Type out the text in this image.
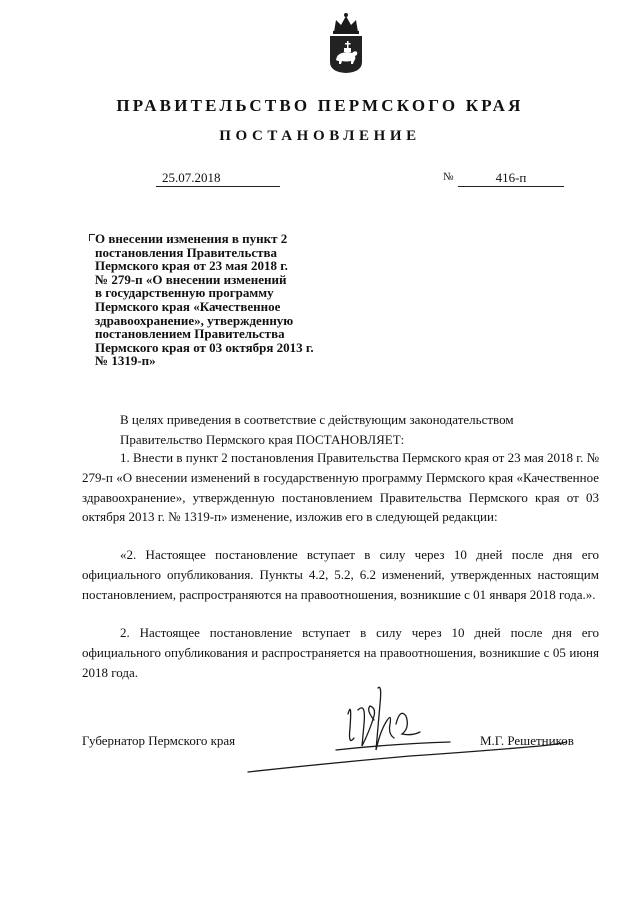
ПРАВИТЕЛЬСТВО ПЕРМСКОГО КРАЯ
ПОСТАНОВЛЕНИЕ
25.07.2018	№	416-п
О внесении изменения в пункт 2
постановления Правительства
Пермского края от 23 мая 2018 г.
№ 279-п «О внесении изменений
в государственную программу
Пермского края «Качественное
здравоохранение», утвержденную
постановлением Правительства
Пермского края от 03 октября 2013 г.
№ 1319-п»
В целях приведения в соответствие с действующим законодательством
Правительство Пермского края ПОСТАНОВЛЯЕТ:
1. Внести в пункт 2 постановления Правительства Пермского края от 23 мая 2018 г. № 279-п «О внесении изменений в государственную программу Пермского края «Качественное здравоохранение», утвержденную постановлением Правительства Пермского края от 03 октября 2013 г. № 1319-п» изменение, изложив его в следующей редакции:
«2. Настоящее постановление вступает в силу через 10 дней после дня его официального опубликования. Пункты 4.2, 5.2, 6.2 изменений, утвержденных настоящим постановлением, распространяются на правоотношения, возникшие с 01 января 2018 года.».
2. Настоящее постановление вступает в силу через 10 дней после дня его официального опубликования и распространяется на правоотношения, возникшие с 05 июня 2018 года.
Губернатор Пермского края	М.Г. Решетников
